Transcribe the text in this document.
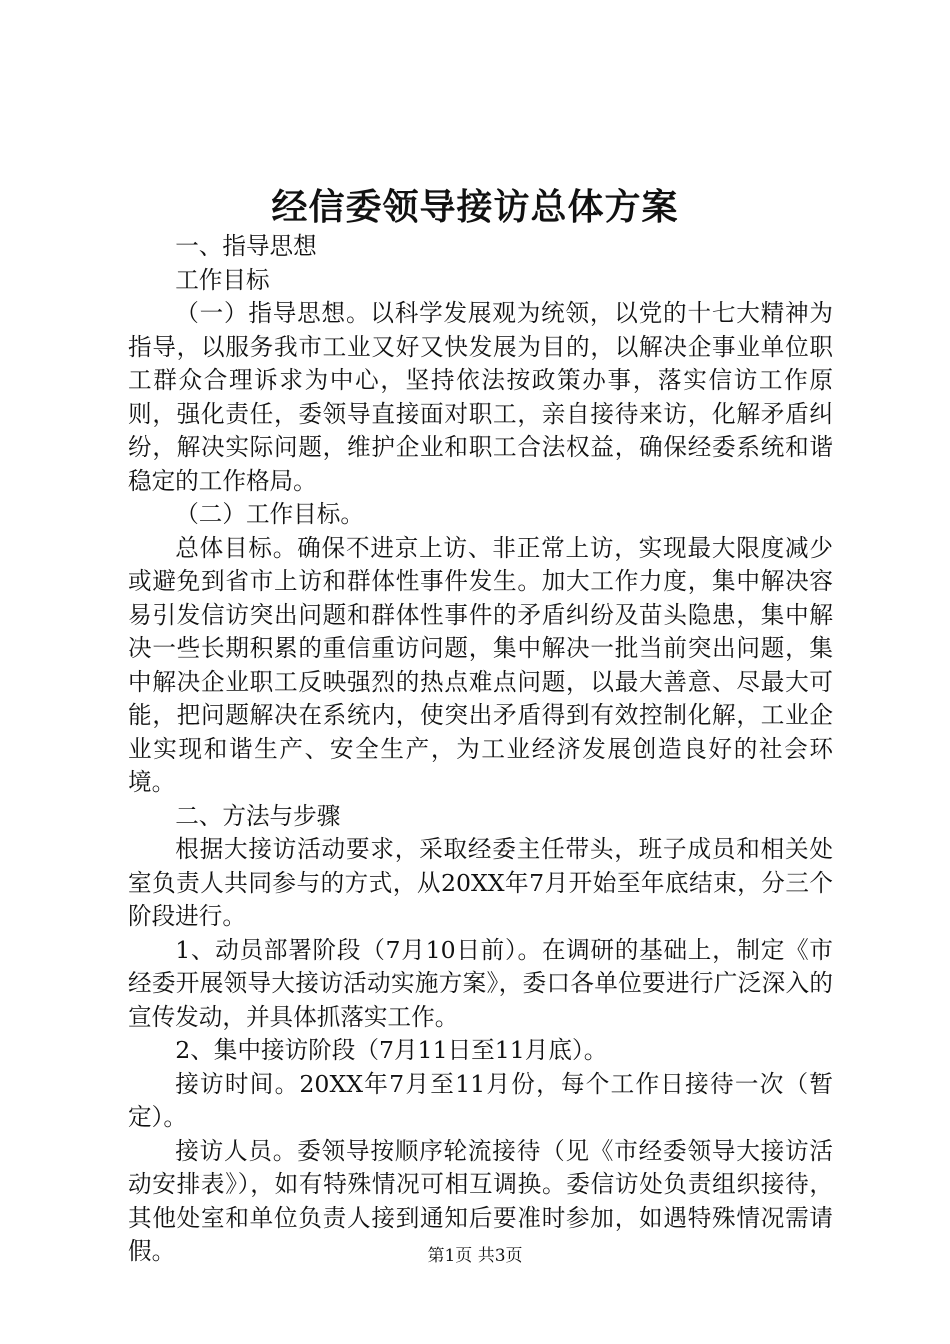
经信委领导接访总体方案

一、指导思想

工作目标

（一）指导思想。以科学发展观为统领，以党的十七大精神为指导，以服务我市工业又好又快发展为目的，以解决企事业单位职工群众合理诉求为中心，坚持依法按政策办事，落实信访工作原则，强化责任，委领导直接面对职工，亲自接待来访，化解矛盾纠纷，解决实际问题，维护企业和职工合法权益，确保经委系统和谐稳定的工作格局。

（二）工作目标。

总体目标。确保不进京上访、非正常上访，实现最大限度减少或避免到省市上访和群体性事件发生。加大工作力度，集中解决容易引发信访突出问题和群体性事件的矛盾纠纷及苗头隐患，集中解决一些长期积累的重信重访问题，集中解决一批当前突出问题，集中解决企业职工反映强烈的热点难点问题，以最大善意、尽最大可能，把问题解决在系统内，使突出矛盾得到有效控制化解，工业企业实现和谐生产、安全生产，为工业经济发展创造良好的社会环境。

二、方法与步骤

根据大接访活动要求，采取经委主任带头，班子成员和相关处室负责人共同参与的方式，从20XX年7月开始至年底结束，分三个阶段进行。

1、动员部署阶段（7月10日前）。在调研的基础上，制定《市经委开展领导大接访活动实施方案》，委口各单位要进行广泛深入的宣传发动，并具体抓落实工作。

2、集中接访阶段（7月11日至11月底）。

接访时间。20XX年7月至11月份，每个工作日接待一次（暂定）。

接访人员。委领导按顺序轮流接待（见《市经委领导大接访活动安排表》），如有特殊情况可相互调换。委信访处负责组织接待，其他处室和单位负责人接到通知后要准时参加，如遇特殊情况需请假。	第1页 共3页
